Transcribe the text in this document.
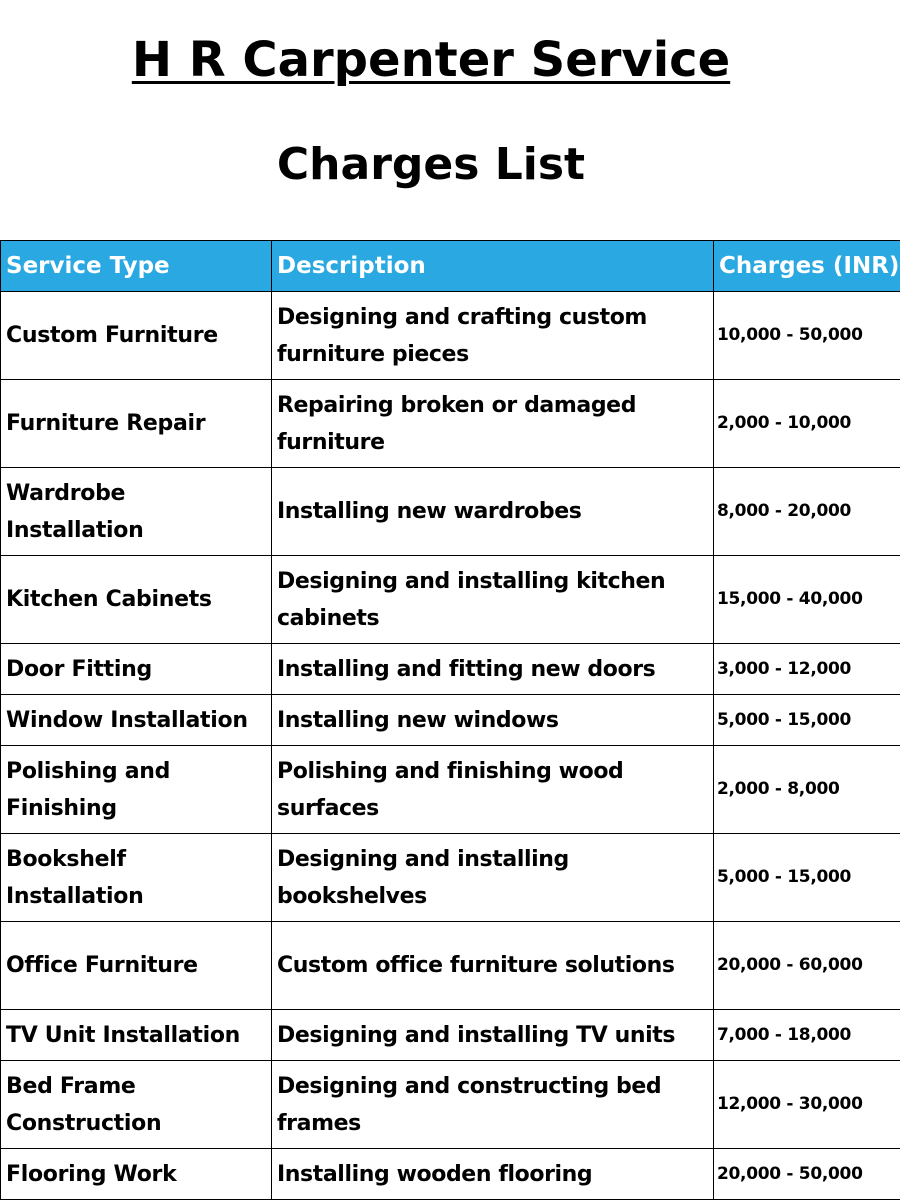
H R Carpenter Service
Charges List
Service Type	Description	Charges (INR)
Custom Furniture	Designing and crafting custom furniture pieces	10,000 - 50,000
Furniture Repair	Repairing broken or damaged furniture	2,000 - 10,000
Wardrobe Installation	Installing new wardrobes	8,000 - 20,000
Kitchen Cabinets	Designing and installing kitchen cabinets	15,000 - 40,000
Door Fitting	Installing and fitting new doors	3,000 - 12,000
Window Installation	Installing new windows	5,000 - 15,000
Polishing and Finishing	Polishing and finishing wood surfaces	2,000 - 8,000
Bookshelf Installation	Designing and installing bookshelves	5,000 - 15,000
Office Furniture	Custom office furniture solutions	20,000 - 60,000
TV Unit Installation	Designing and installing TV units	7,000 - 18,000
Bed Frame Construction	Designing and constructing bed frames	12,000 - 30,000
Flooring Work	Installing wooden flooring	20,000 - 50,000
